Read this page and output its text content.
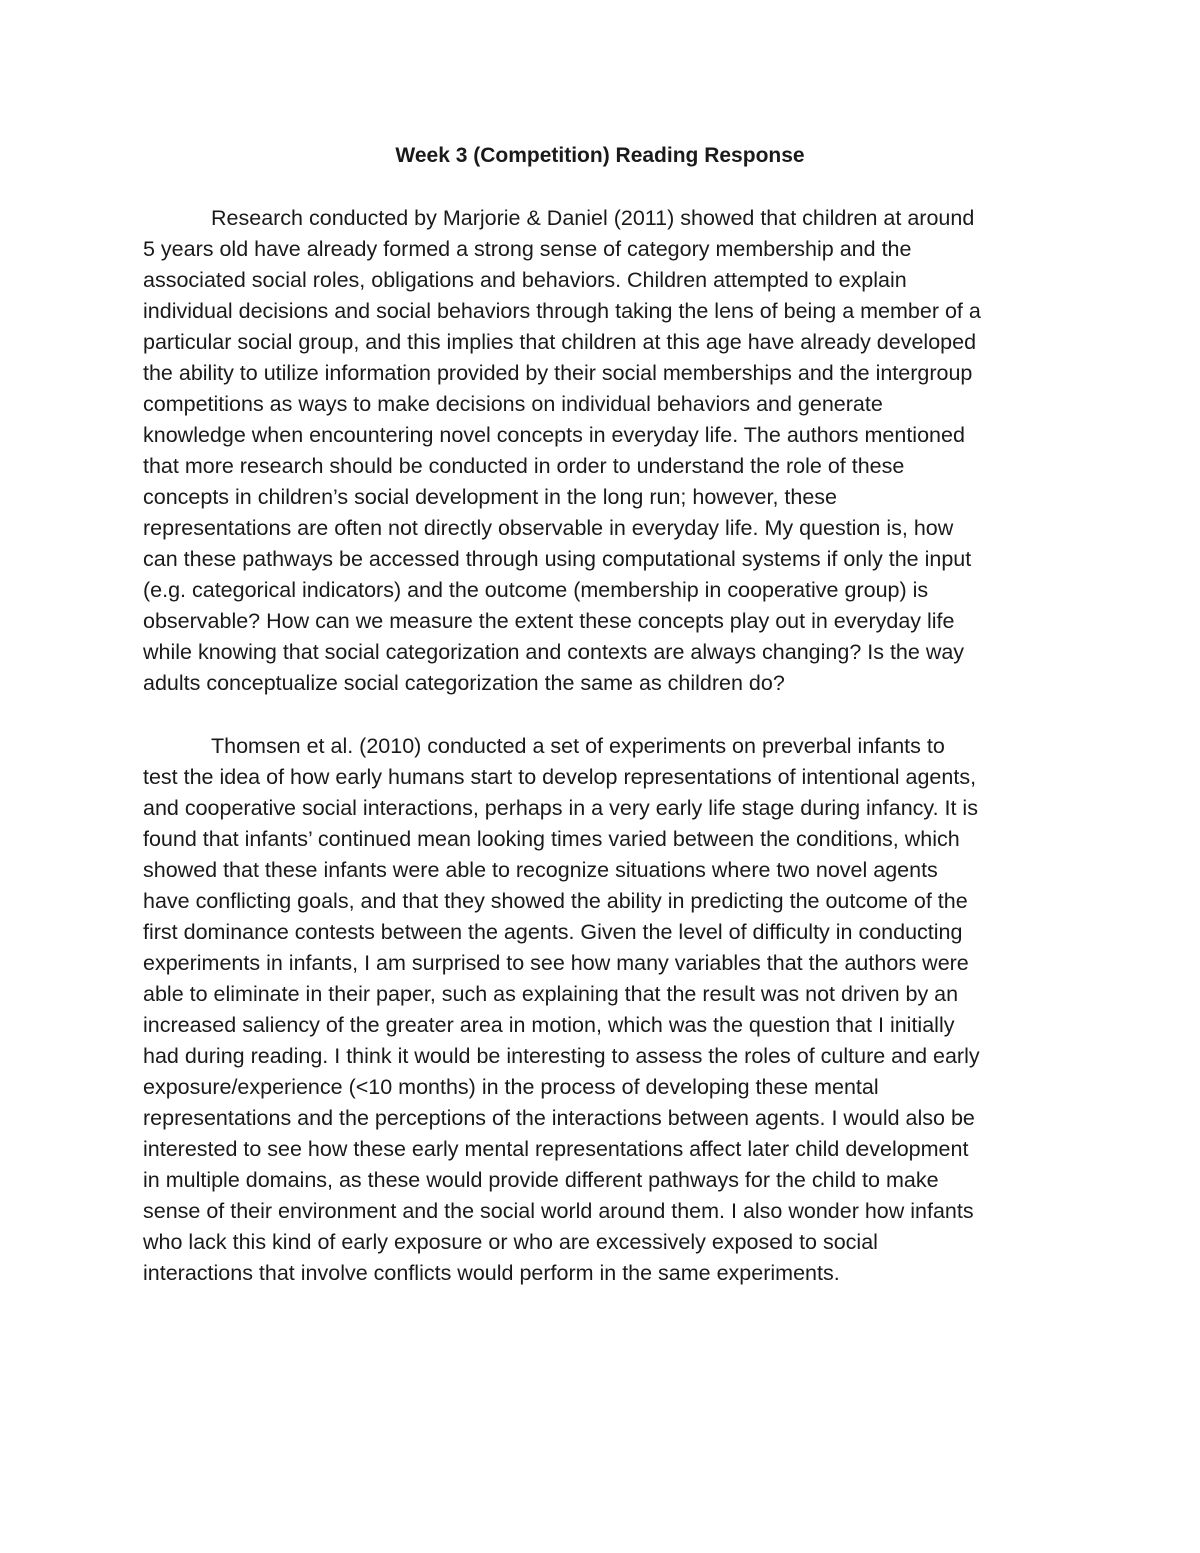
Week 3 (Competition) Reading Response

Research conducted by Marjorie & Daniel (2011) showed that children at around

5 years old have already formed a strong sense of category membership and the

associated social roles, obligations and behaviors. Children attempted to explain

individual decisions and social behaviors through taking the lens of being a member of a

particular social group, and this implies that children at this age have already developed

the ability to utilize information provided by their social memberships and the intergroup

competitions as ways to make decisions on individual behaviors and generate

knowledge when encountering novel concepts in everyday life. The authors mentioned

that more research should be conducted in order to understand the role of these

concepts in children’s social development in the long run; however, these

representations are often not directly observable in everyday life. My question is, how

can these pathways be accessed through using computational systems if only the input

(e.g. categorical indicators) and the outcome (membership in cooperative group) is

observable? How can we measure the extent these concepts play out in everyday life

while knowing that social categorization and contexts are always changing? Is the way

adults conceptualize social categorization the same as children do?

Thomsen et al. (2010) conducted a set of experiments on preverbal infants to

test the idea of how early humans start to develop representations of intentional agents,

and cooperative social interactions, perhaps in a very early life stage during infancy. It is

found that infants’ continued mean looking times varied between the conditions, which

showed that these infants were able to recognize situations where two novel agents

have conflicting goals, and that they showed the ability in predicting the outcome of the

first dominance contests between the agents. Given the level of difficulty in conducting

experiments in infants, I am surprised to see how many variables that the authors were

able to eliminate in their paper, such as explaining that the result was not driven by an

increased saliency of the greater area in motion, which was the question that I initially

had during reading. I think it would be interesting to assess the roles of culture and early

exposure/experience (<10 months) in the process of developing these mental

representations and the perceptions of the interactions between agents. I would also be

interested to see how these early mental representations affect later child development

in multiple domains, as these would provide different pathways for the child to make

sense of their environment and the social world around them. I also wonder how infants

who lack this kind of early exposure or who are excessively exposed to social

interactions that involve conflicts would perform in the same experiments.
